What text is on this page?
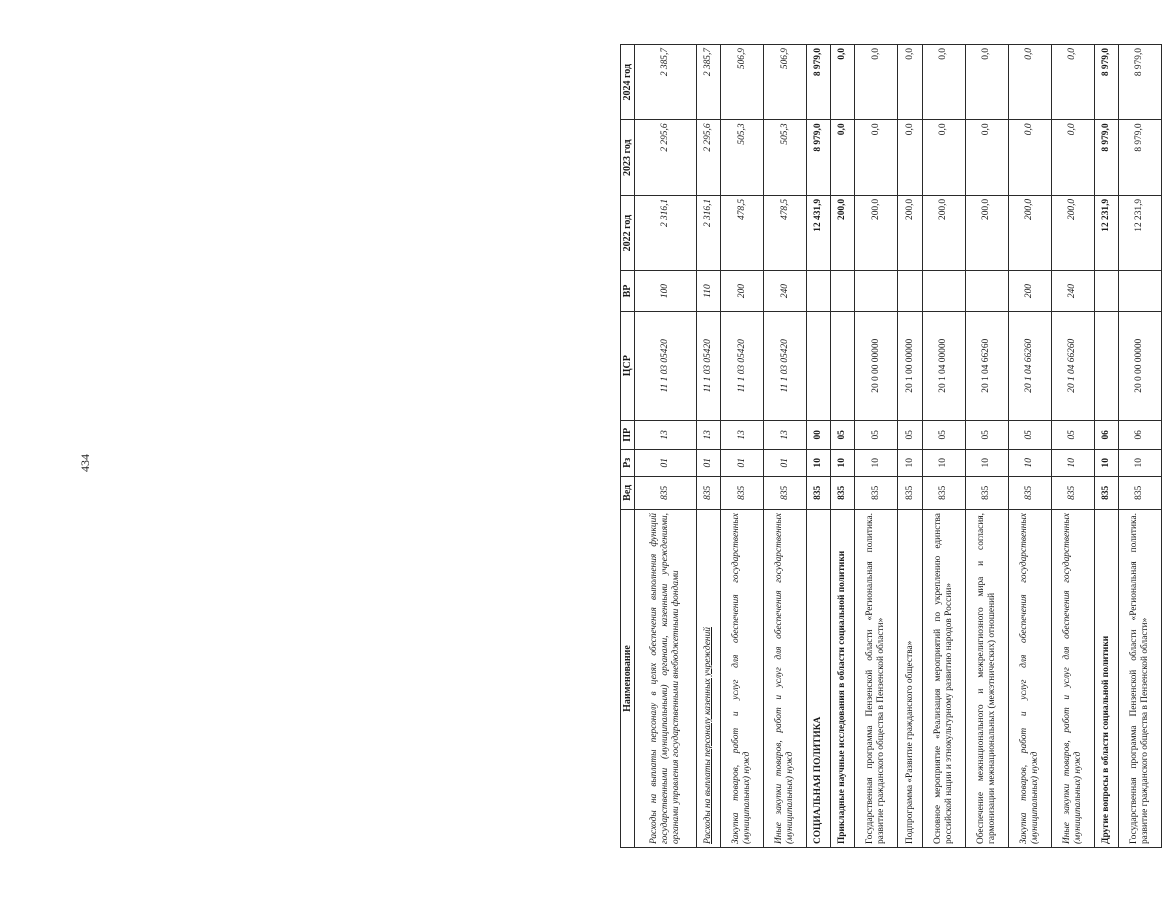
434
Наименование	Вед	Рз	ПР	ЦСР	ВР	2022 год	2023 год	2024 год
Расходы на выплаты персоналу в целях обеспечения выполнения функций государственными (муниципальными) органами, казенными учреждениями, органами управления государственными внебюджетными фондами	835	01	13	11 1 03 05420	100	2 316,1	2 295,6	2 385,7
Расходы на выплаты персоналу казенных учреждений	835	01	13	11 1 03 05420	110	2 316,1	2 295,6	2 385,7
Закупка товаров, работ и услуг для обеспечения государственных (муниципальных) нужд	835	01	13	11 1 03 05420	200	478,5	505,3	506,9
Иные закупки товаров, работ и услуг для обеспечения государственных (муниципальных) нужд	835	01	13	11 1 03 05420	240	478,5	505,3	506,9
СОЦИАЛЬНАЯ ПОЛИТИКА	835	10	00			12 431,9	8 979,0	8 979,0
Прикладные научные исследования в области социальной политики	835	10	05			200,0	0,0	0,0
Государственная программа Пензенской области «Региональная политика. развитие гражданского общества в Пензенской области»	835	10	05	20 0 00 00000		200,0	0,0	0,0
Подпрограмма «Развитие гражданского общества»	835	10	05	20 1 00 00000		200,0	0,0	0,0
Основное мероприятие «Реализация мероприятий по укреплению единства российской нации и этнокультурному развитию народов России»	835	10	05	20 1 04 00000		200,0	0,0	0,0
Обеспечение межнационального и межрелигиозного мира и согласия, гармонизации межнациональных (межэтнических) отношений	835	10	05	20 1 04 66260		200,0	0,0	0,0
Закупка товаров, работ и услуг для обеспечения государственных (муниципальных) нужд	835	10	05	20 1 04 66260	200	200,0	0,0	0,0
Иные закупки товаров, работ и услуг для обеспечения государственных (муниципальных) нужд	835	10	05	20 1 04 66260	240	200,0	0,0	0,0
Другие вопросы в области социальной политики	835	10	06			12 231,9	8 979,0	8 979,0
Государственная программа Пензенской области «Региональная политика. развитие гражданского общества в Пензенской области»	835	10	06	20 0 00 00000		12 231,9	8 979,0	8 979,0
